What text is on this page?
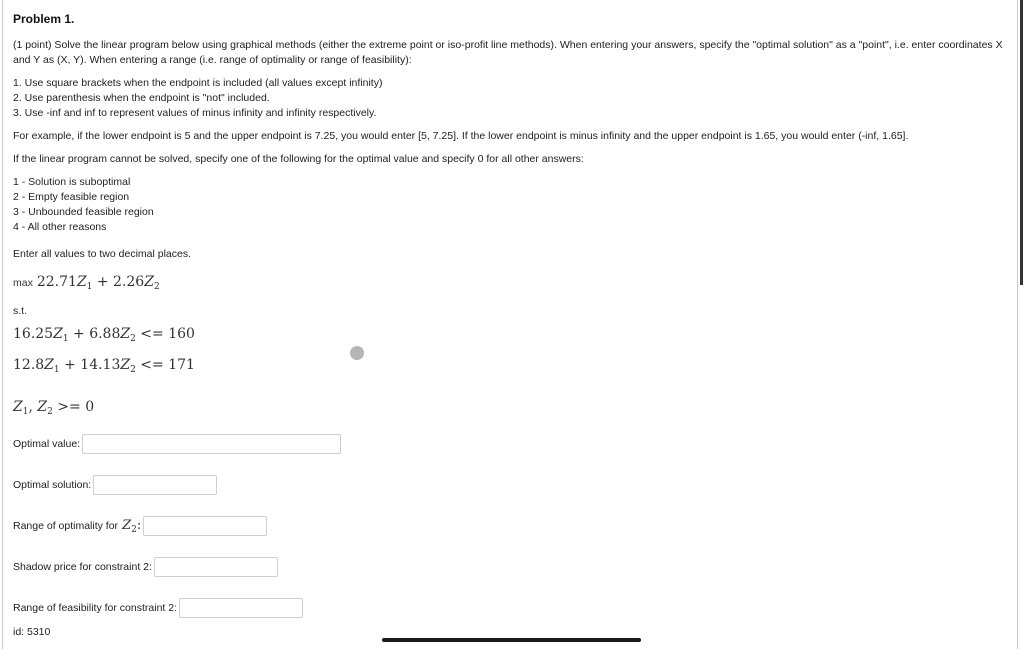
Problem 1.
(1 point) Solve the linear program below using graphical methods (either the extreme point or iso-profit line methods). When entering your answers, specify the "optimal solution" as a "point", i.e. enter coordinates X and Y as (X, Y). When entering a range (i.e. range of optimality or range of feasibility):
1. Use square brackets when the endpoint is included (all values except infinity)
2. Use parenthesis when the endpoint is "not" included.
3. Use -inf and inf to represent values of minus infinity and infinity respectively.
For example, if the lower endpoint is 5 and the upper endpoint is 7.25, you would enter [5, 7.25]. If the lower endpoint is minus infinity and the upper endpoint is 1.65, you would enter (-inf, 1.65].
If the linear program cannot be solved, specify one of the following for the optimal value and specify 0 for all other answers:
1 - Solution is suboptimal
2 - Empty feasible region
3 - Unbounded feasible region
4 - All other reasons
Enter all values to two decimal places.
$\max 22.71Z_1 + 2.26Z_2$
s.t.
$16.25Z_1 + 6.88Z_2 <= 160$
$12.8Z_1 + 14.13Z_2 <= 171$
$Z_1$, $Z_2 >= 0$
Optimal value:
Optimal solution:
Range of optimality for $Z_2$:
Shadow price for constraint 2:
Range of feasibility for constraint 2:
id: 5310
